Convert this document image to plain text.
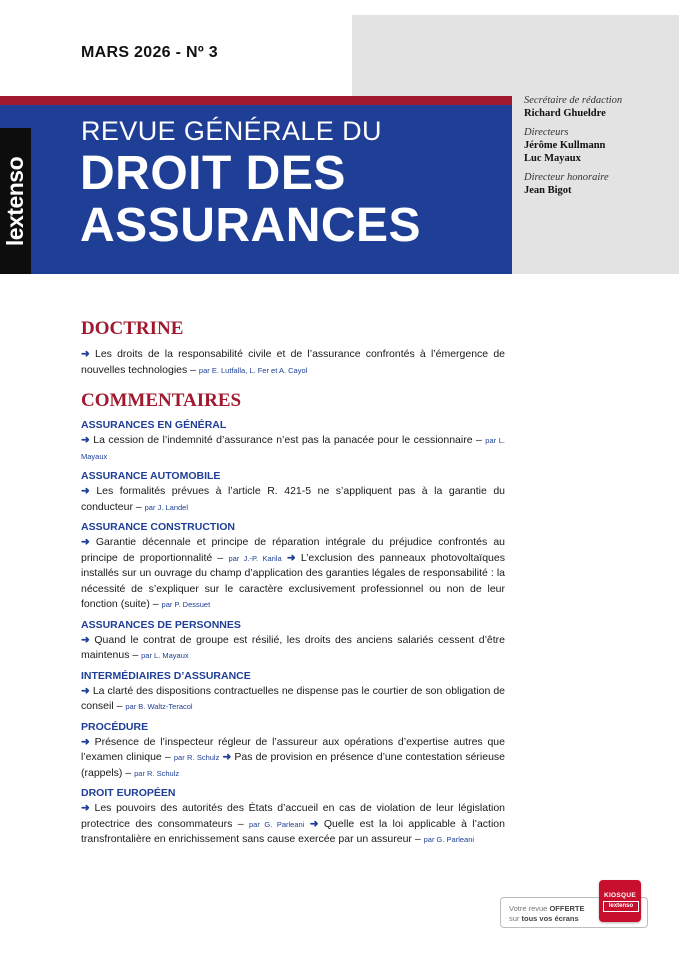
MARS 2026 - Nº 3
lextenso
REVUE GÉNÉRALE DU
DROIT DES
ASSURANCES
Secrétaire de rédaction
Richard Ghueldre
Directeurs
Jérôme Kullmann
Luc Mayaux
Directeur honoraire
Jean Bigot
DOCTRINE
➜ Les droits de la responsabilité civile et de l’assurance confrontés à l’émergence de nouvelles technologies – par E. Lutfalla, L. Fer et A. Cayol
COMMENTAIRES
ASSURANCES EN GÉNÉRAL
➜ La cession de l’indemnité d’assurance n’est pas la panacée pour le cessionnaire – par L. Mayaux
ASSURANCE AUTOMOBILE
➜ Les formalités prévues à l’article R. 421-5 ne s’appliquent pas à la garantie du conducteur – par J. Landel
ASSURANCE CONSTRUCTION
➜ Garantie décennale et principe de réparation intégrale du préjudice confrontés au principe de proportionnalité – par J.-P. Karila ➜ L’exclusion des panneaux photovoltaïques installés sur un ouvrage du champ d’application des garanties légales de responsabilité : la nécessité de s’expliquer sur le caractère exclusivement professionnel ou non de leur fonction (suite) – par P. Dessuet
ASSURANCES DE PERSONNES
➜ Quand le contrat de groupe est résilié, les droits des anciens salariés cessent d’être maintenus – par L. Mayaux
INTERMÉDIAIRES D’ASSURANCE
➜ La clarté des dispositions contractuelles ne dispense pas le courtier de son obligation de conseil – par B. Waltz-Teracol
PROCÉDURE
➜ Présence de l’inspecteur régleur de l’assureur aux opérations d’expertise autres que l’examen clinique – par R. Schulz ➜ Pas de provision en présence d’une contestation sérieuse (rappels) – par R. Schulz
DROIT EUROPÉEN
➜ Les pouvoirs des autorités des États d’accueil en cas de violation de leur législation protectrice des consommateurs – par G. Parleani ➜ Quelle est la loi applicable à l’action transfrontalière en enrichissement sans cause exercée par un assureur – par G. Parleani
Votre revue OFFERTE
sur tous vos écrans
KIOSQUE
lextenso
